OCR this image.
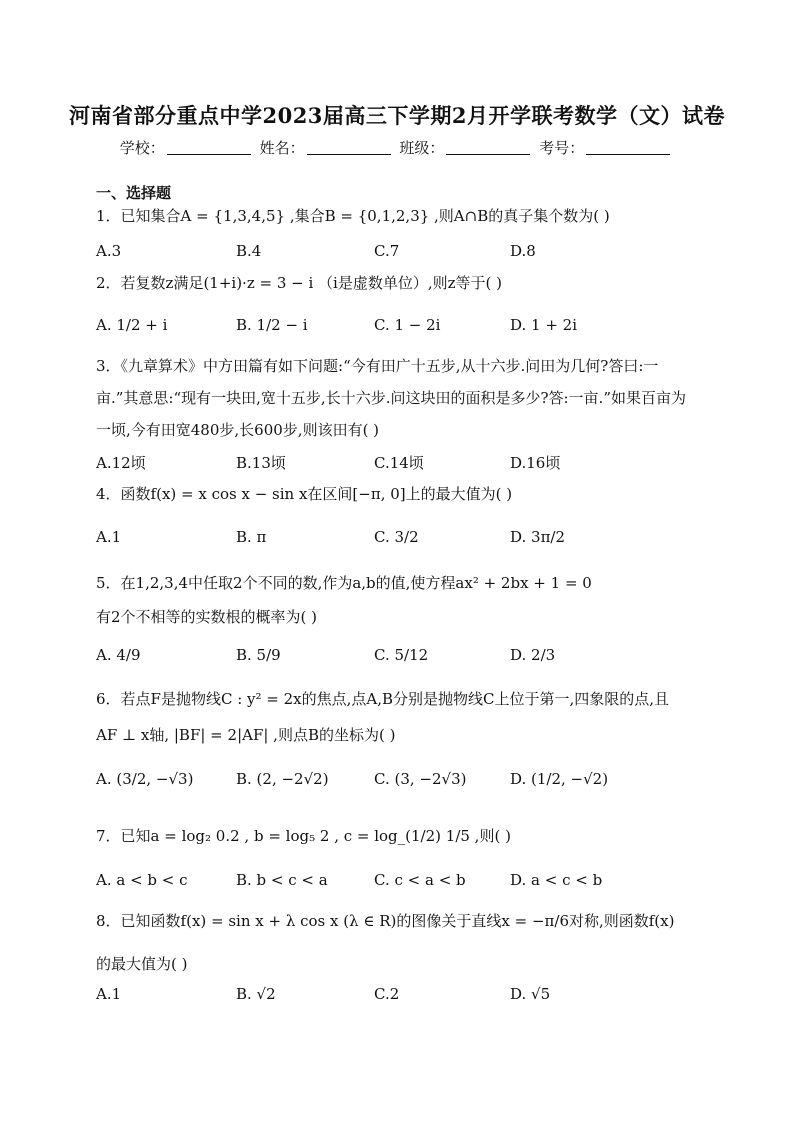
河南省部分重点中学2023届高三下学期2月开学联考数学（文）试卷
学校：	姓名：	班级：	考号：
一、选择题
1．已知集合A = {1,3,4,5} ,集合B = {0,1,2,3} ,则A∩B的真子集个数为( )
A.3	B.4	C.7	D.8
2．若复数z满足(1+i)·z = 3 − i （i是虚数单位）,则z等于( )
A. 1/2 + i	B. 1/2 − i	C. 1 − 2i	D. 1 + 2i
3．《九章算术》中方田篇有如下问题:“今有田广十五步,从十六步.问田为几何?答曰:一亩.”其意思:“现有一块田,宽十五步,长十六步.问这块田的面积是多少?答:一亩.”如果百亩为一顷,今有田宽480步,长600步,则该田有( )
A.12顷	B.13顷	C.14顷	D.16顷
4．函数f(x) = x cos x − sin x在区间[−π, 0]上的最大值为( )
A.1	B. π	C. 3/2	D. 3π/2
5．在1,2,3,4中任取2个不同的数,作为a,b的值,使方程ax² + 2bx + 1 = 0
有2个不相等的实数根的概率为( )
A. 4/9	B. 5/9	C. 5/12	D. 2/3
6．若点F是抛物线C : y² = 2x的焦点,点A,B分别是抛物线C上位于第一,四象限的点,且
AF ⊥ x轴, |BF| = 2|AF| ,则点B的坐标为( )
A. (3/2, −√3)	B. (2, −2√2)	C. (3, −2√3)	D. (1/2, −√2)
7．已知a = log₂ 0.2 , b = log₅ 2 , c = log_(1/2) 1/5 ,则( )
A. a < b < c	B. b < c < a	C. c < a < b	D. a < c < b
8．已知函数f(x) = sin x + λ cos x (λ ∈ R)的图像关于直线x = −π/6对称,则函数f(x)
的最大值为( )
A.1	B. √2	C.2	D. √5
